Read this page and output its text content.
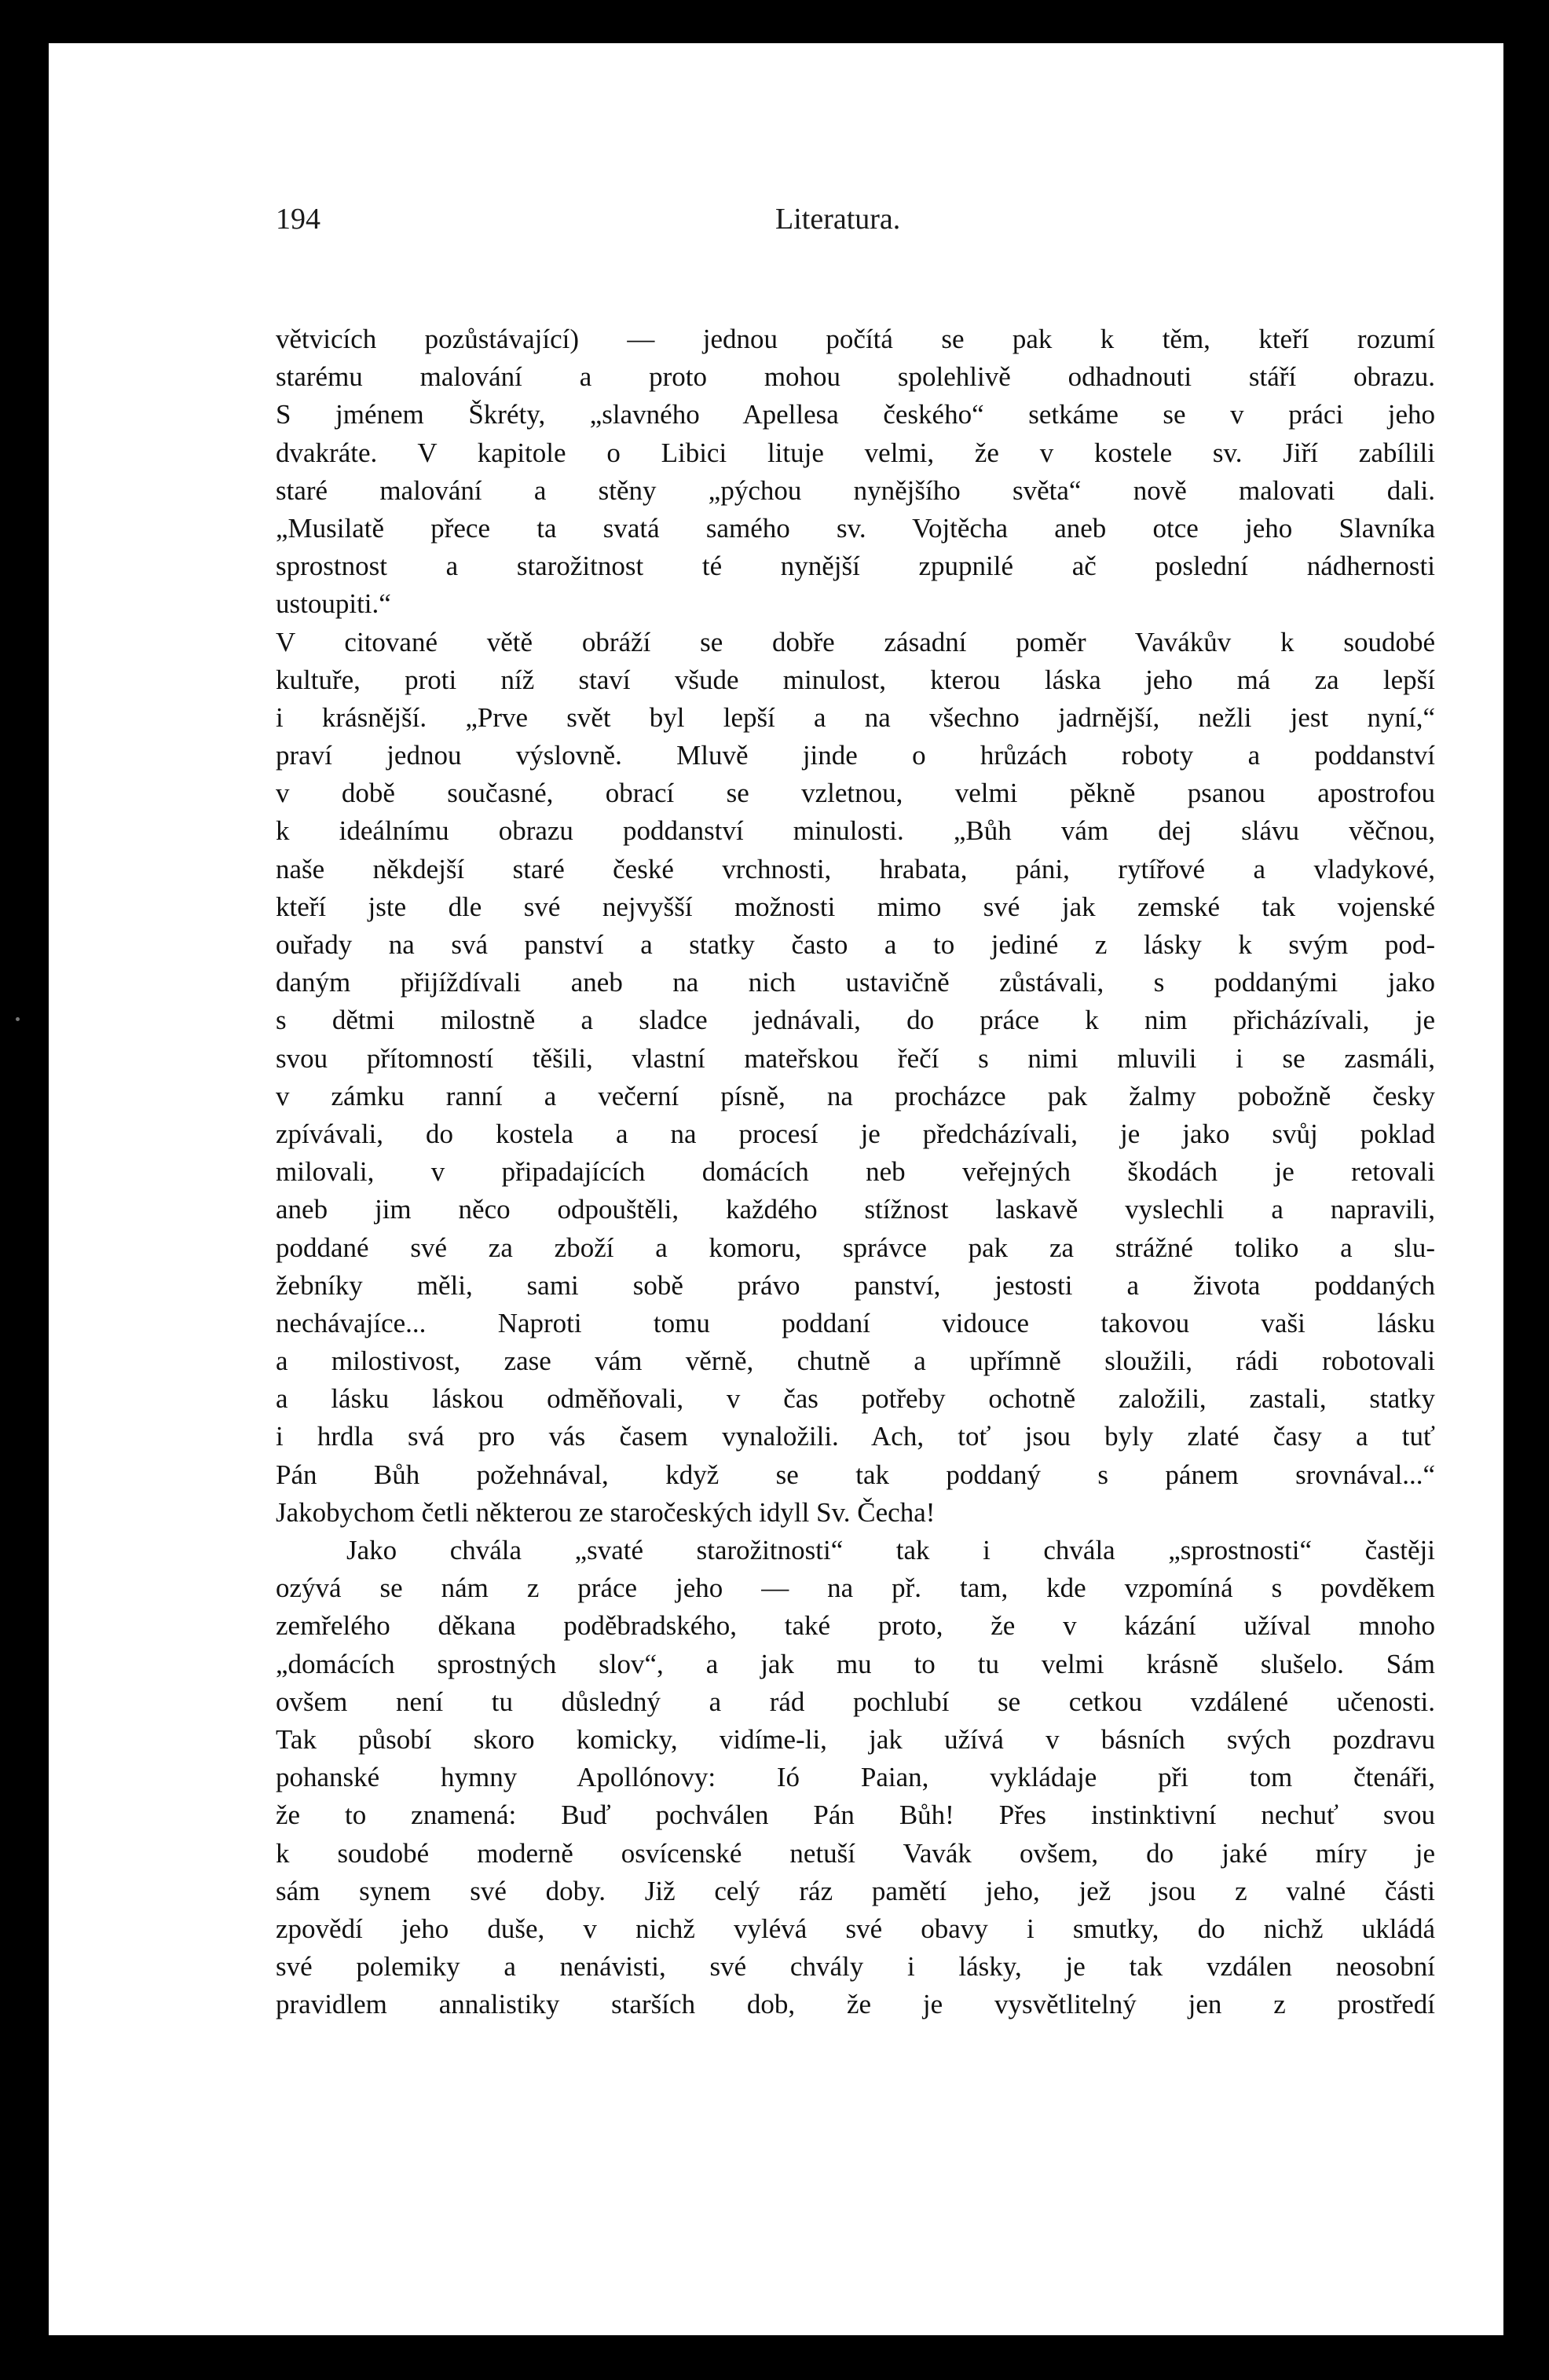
194	Literatura.
větvicích pozůstávající) — jednou počítá se pak k těm, kteří rozumí
starému malování a proto mohou spolehlivě odhadnouti stáří obrazu.
S jménem Škréty, „slavného Apellesa českého“ setkáme se v práci jeho
dvakráte. V kapitole o Libici lituje velmi, že v kostele sv. Jiří zabílili
staré malování a stěny „pýchou nynějšího světa“ nově malovati dali.
„Musilatě přece ta svatá samého sv. Vojtěcha aneb otce jeho Slavníka
sprostnost a starožitnost té nynější zpupnilé ač poslední nádhernosti
ustoupiti.“
V citované větě obráží se dobře zásadní poměr Vavákův k soudobé
kultuře, proti níž staví všude minulost, kterou láska jeho má za lepší
i krásnější. „Prve svět byl lepší a na všechno jadrnější, nežli jest nyní,“
praví jednou výslovně. Mluvě jinde o hrůzách roboty a poddanství
v době současné, obrací se vzletnou, velmi pěkně psanou apostrofou
k ideálnímu obrazu poddanství minulosti. „Bůh vám dej slávu věčnou,
naše někdejší staré české vrchnosti, hrabata, páni, rytířové a vladykové,
kteří jste dle své nejvyšší možnosti mimo své jak zemské tak vojenské
ouřady na svá panství a statky často a to jediné z lásky k svým pod-
daným přijíždívali aneb na nich ustavičně zůstávali, s poddanými jako
s dětmi milostně a sladce jednávali, do práce k nim přicházívali, je
svou přítomností těšili, vlastní mateřskou řečí s nimi mluvili i se zasmáli,
v zámku ranní a večerní písně, na procházce pak žalmy pobožně česky
zpívávali, do kostela a na procesí je předcházívali, je jako svůj poklad
milovali, v připadajících domácích neb veřejných škodách je retovali
aneb jim něco odpouštěli, každého stížnost laskavě vyslechli a napravili,
poddané své za zboží a komoru, správce pak za strážné toliko a slu-
žebníky měli, sami sobě právo panství, jestosti a života poddaných
nechávajíce... Naproti tomu poddaní vidouce takovou vaši lásku
a milostivost, zase vám věrně, chutně a upřímně sloužili, rádi robotovali
a lásku láskou odměňovali, v čas potřeby ochotně založili, zastali, statky
i hrdla svá pro vás časem vynaložili. Ach, toť jsou byly zlaté časy a tuť
Pán Bůh požehnával, když se tak poddaný s pánem srovnával...“
Jakobychom četli některou ze staročeských idyll Sv. Čecha!
Jako chvála „svaté starožitnosti“ tak i chvála „sprostnosti“ častěji
ozývá se nám z práce jeho — na př. tam, kde vzpomíná s povděkem
zemřelého děkana poděbradského, také proto, že v kázání užíval mnoho
„domácích sprostných slov“, a jak mu to tu velmi krásně slušelo. Sám
ovšem není tu důsledný a rád pochlubí se cetkou vzdálené učenosti.
Tak působí skoro komicky, vidíme-li, jak užívá v básních svých pozdravu
pohanské hymny Apollónovy: Ió Paian, vykládaje při tom čtenáři,
že to znamená: Buď pochválen Pán Bůh! Přes instinktivní nechuť svou
k soudobé moderně osvícenské netuší Vavák ovšem, do jaké míry je
sám synem své doby. Již celý ráz pamětí jeho, jež jsou z valné části
zpovědí jeho duše, v nichž vylévá své obavy i smutky, do nichž ukládá
své polemiky a nenávisti, své chvály i lásky, je tak vzdálen neosobní
pravidlem annalistiky starších dob, že je vysvětlitelný jen z prostředí
